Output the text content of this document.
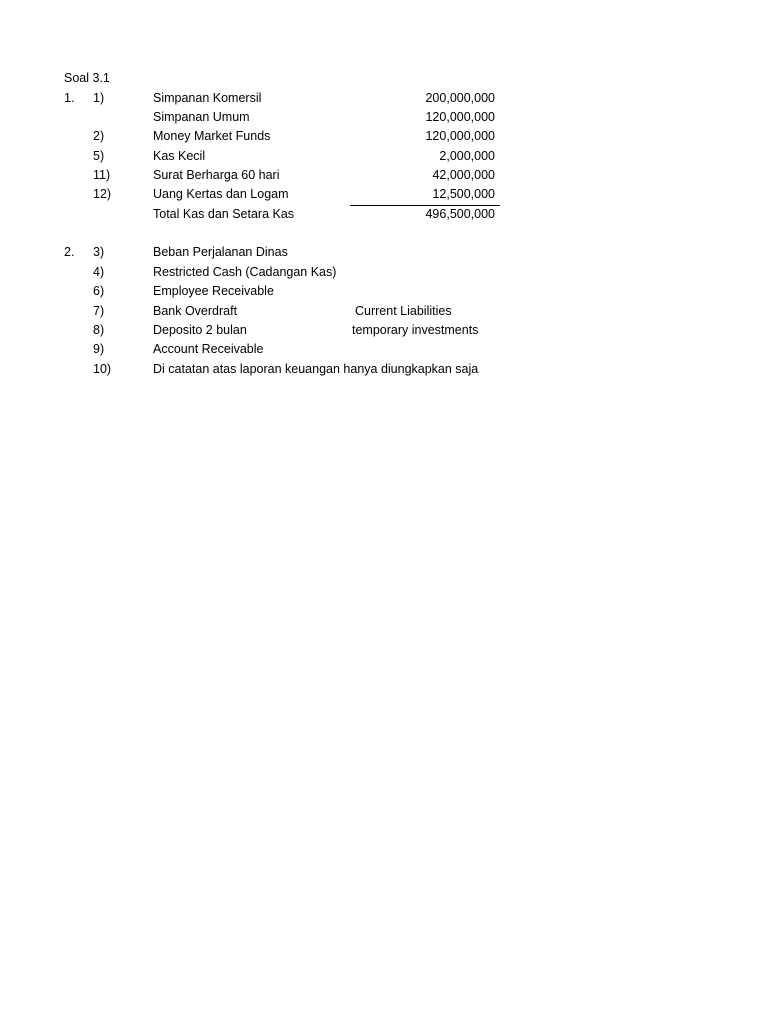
Soal 3.1
1. 1)	Simpanan Komersil	200,000,000
Simpanan Umum	120,000,000
2)	Money Market Funds	120,000,000
5)	Kas Kecil	2,000,000
11)	Surat Berharga 60 hari	42,000,000
12)	Uang Kertas dan Logam	12,500,000
Total Kas dan Setara Kas	496,500,000
2. 3)	Beban Perjalanan Dinas
4)	Restricted Cash (Cadangan Kas)
6)	Employee Receivable
7)	Bank Overdraft	Current Liabilities
8)	Deposito 2 bulan	temporary investments
9)	Account Receivable
10)	Di catatan atas laporan keuangan hanya diungkapkan saja
